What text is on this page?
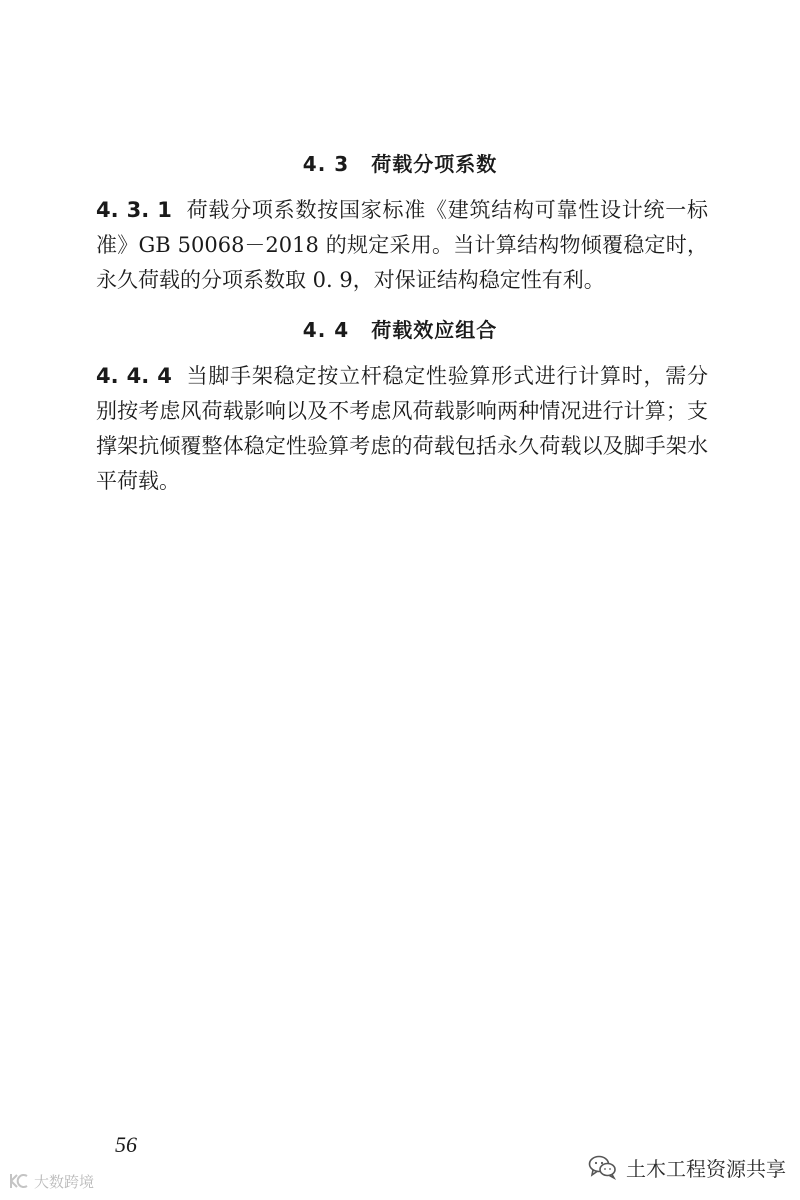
4. 3 荷载分项系数
4. 3. 1 荷载分项系数按国家标准《建筑结构可靠性设计统一标准》GB 50068－2018 的规定采用。当计算结构物倾覆稳定时，永久荷载的分项系数取 0. 9，对保证结构稳定性有利。
4. 4 荷载效应组合
4. 4. 4 当脚手架稳定按立杆稳定性验算形式进行计算时，需分别按考虑风荷载影响以及不考虑风荷载影响两种情况进行计算；支撑架抗倾覆整体稳定性验算考虑的荷载包括永久荷载以及脚手架水平荷载。
56
大数跨境
土木工程资源共享
